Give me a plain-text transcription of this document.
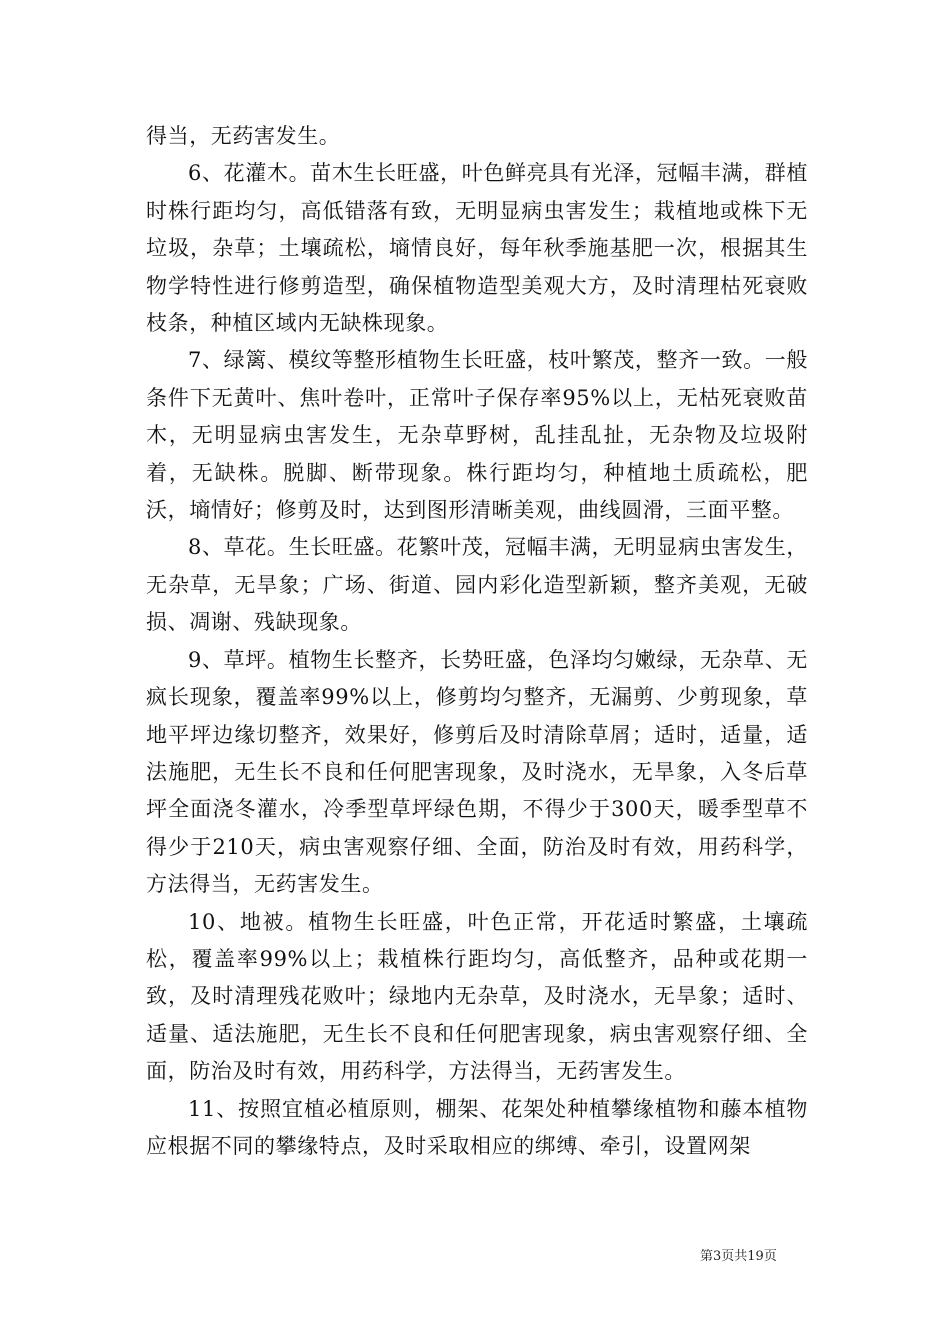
得当，无药害发生。

6、花灌木。苗木生长旺盛，叶色鲜亮具有光泽，冠幅丰满，群植时株行距均匀，高低错落有致，无明显病虫害发生；栽植地或株下无垃圾，杂草；土壤疏松，墒情良好，每年秋季施基肥一次，根据其生物学特性进行修剪造型，确保植物造型美观大方，及时清理枯死衰败枝条，种植区域内无缺株现象。

7、绿篱、模纹等整形植物生长旺盛，枝叶繁茂，整齐一致。一般条件下无黄叶、焦叶卷叶，正常叶子保存率95%以上，无枯死衰败苗木，无明显病虫害发生，无杂草野树，乱挂乱扯，无杂物及垃圾附着，无缺株。脱脚、断带现象。株行距均匀，种植地土质疏松，肥沃，墒情好；修剪及时，达到图形清晰美观，曲线圆滑，三面平整。

8、草花。生长旺盛。花繁叶茂，冠幅丰满，无明显病虫害发生，无杂草，无旱象；广场、街道、园内彩化造型新颖，整齐美观，无破损、凋谢、残缺现象。

9、草坪。植物生长整齐，长势旺盛，色泽均匀嫩绿，无杂草、无疯长现象，覆盖率99%以上，修剪均匀整齐，无漏剪、少剪现象，草地平坪边缘切整齐，效果好，修剪后及时清除草屑；适时，适量，适法施肥，无生长不良和任何肥害现象，及时浇水，无旱象，入冬后草坪全面浇冬灌水，冷季型草坪绿色期，不得少于300天，暖季型草不得少于210天，病虫害观察仔细、全面，防治及时有效，用药科学，方法得当，无药害发生。

10、地被。植物生长旺盛，叶色正常，开花适时繁盛，土壤疏松，覆盖率99%以上；栽植株行距均匀，高低整齐，品种或花期一致，及时清理残花败叶；绿地内无杂草，及时浇水，无旱象；适时、适量、适法施肥，无生长不良和任何肥害现象，病虫害观察仔细、全面，防治及时有效，用药科学，方法得当，无药害发生。

11、按照宜植必植原则，棚架、花架处种植攀缘植物和藤本植物应根据不同的攀缘特点，及时采取相应的绑缚、牵引，设置网架

第3页共19页
